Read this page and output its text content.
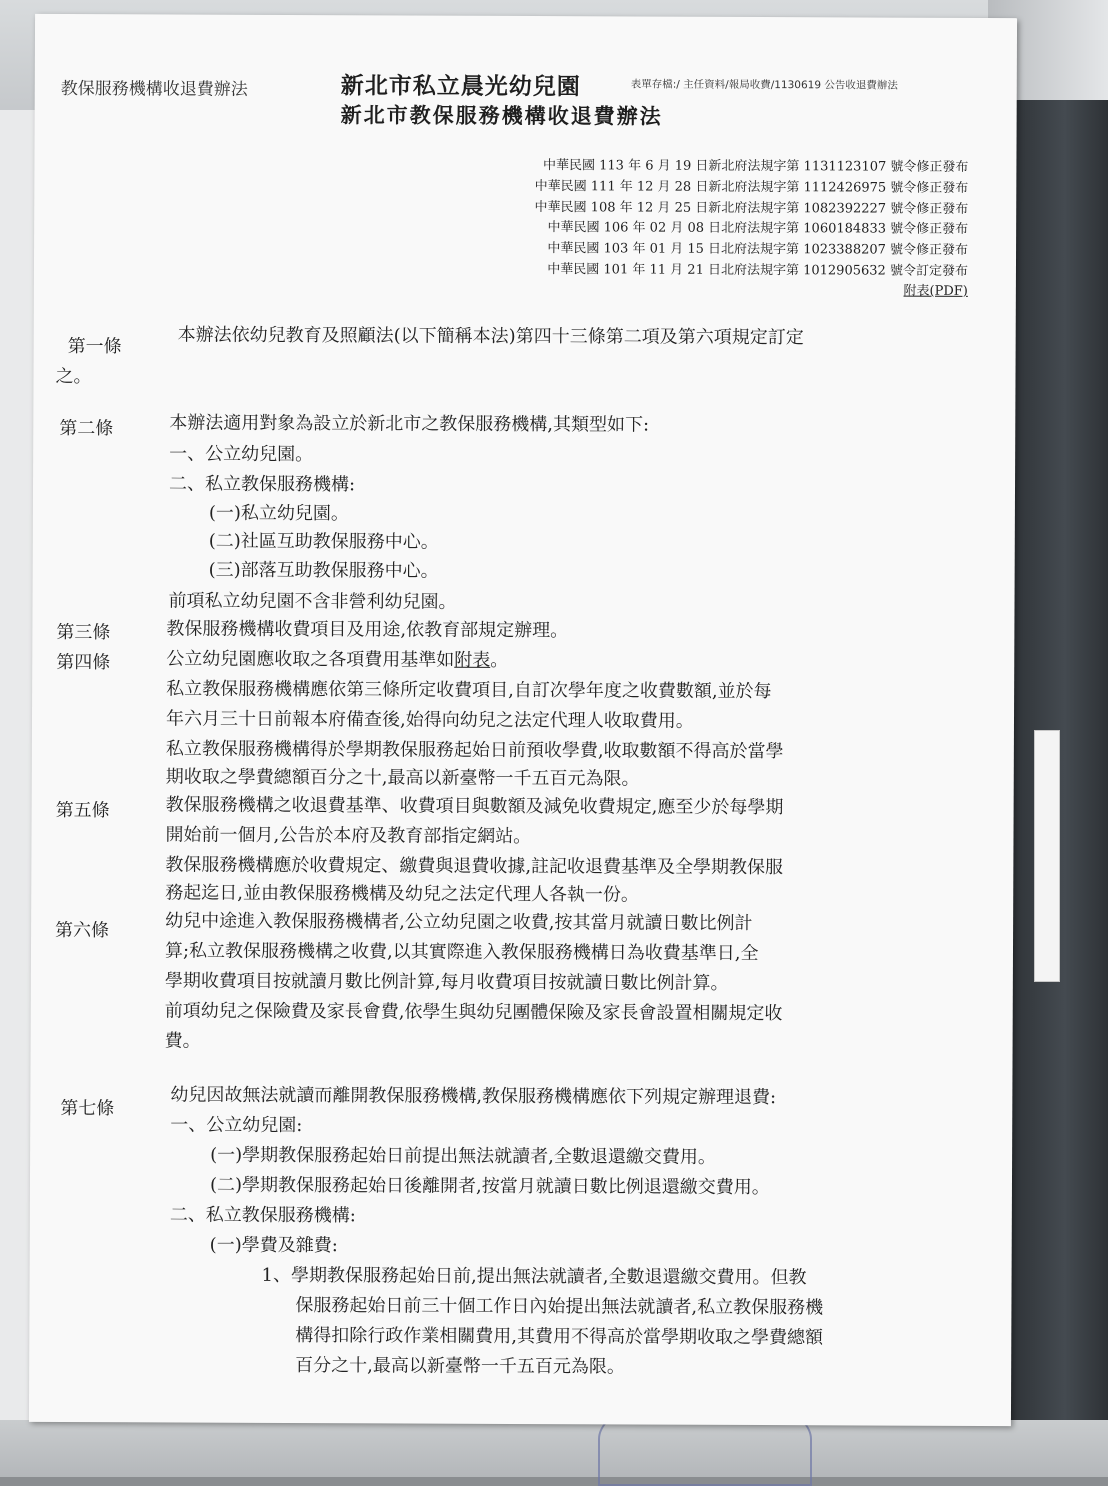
教保服務機構收退費辦法	新北市私立晨光幼兒園
新北市教保服務機構收退費辦法
表單存檔:/ 主任資料/報局收費/1130619 公告收退費辦法
中華民國 113 年 6 月 19 日新北府法規字第 1131123107 號令修正發布
中華民國 111 年 12 月 28 日新北府法規字第 1112426975 號令修正發布
中華民國 108 年 12 月 25 日新北府法規字第 1082392227 號令修正發布
中華民國 106 年 02 月 08 日北府法規字第 1060184833 號令修正發布
中華民國 103 年 01 月 15 日北府法規字第 1023388207 號令修正發布
中華民國 101 年 11 月 21 日北府法規字第 1012905632 號令訂定發布
附表(PDF)
第一條	本辦法依幼兒教育及照顧法(以下簡稱本法)第四十三條第二項及第六項規定訂定
之。
第二條	本辦法適用對象為設立於新北市之教保服務機構,其類型如下:
一、公立幼兒園。
二、私立教保服務機構:
(一)私立幼兒園。
(二)社區互助教保服務中心。
(三)部落互助教保服務中心。
前項私立幼兒園不含非營利幼兒園。
第三條	教保服務機構收費項目及用途,依教育部規定辦理。
第四條	公立幼兒園應收取之各項費用基準如附表。
私立教保服務機構應依第三條所定收費項目,自訂次學年度之收費數額,並於每
年六月三十日前報本府備查後,始得向幼兒之法定代理人收取費用。
私立教保服務機構得於學期教保服務起始日前預收學費,收取數額不得高於當學
期收取之學費總額百分之十,最高以新臺幣一千五百元為限。
第五條	教保服務機構之收退費基準、收費項目與數額及減免收費規定,應至少於每學期
開始前一個月,公告於本府及教育部指定網站。
教保服務機構應於收費規定、繳費與退費收據,註記收退費基準及全學期教保服
務起迄日,並由教保服務機構及幼兒之法定代理人各執一份。
第六條	幼兒中途進入教保服務機構者,公立幼兒園之收費,按其當月就讀日數比例計
算;私立教保服務機構之收費,以其實際進入教保服務機構日為收費基準日,全
學期收費項目按就讀月數比例計算,每月收費項目按就讀日數比例計算。
前項幼兒之保險費及家長會費,依學生與幼兒團體保險及家長會設置相關規定收
費。
第七條
幼兒因故無法就讀而離開教保服務機構,教保服務機構應依下列規定辦理退費:
一、公立幼兒園:
(一)學期教保服務起始日前提出無法就讀者,全數退還繳交費用。
(二)學期教保服務起始日後離開者,按當月就讀日數比例退還繳交費用。
二、私立教保服務機構:
(一)學費及雜費:
1、學期教保服務起始日前,提出無法就讀者,全數退還繳交費用。但教
保服務起始日前三十個工作日內始提出無法就讀者,私立教保服務機
構得扣除行政作業相關費用,其費用不得高於當學期收取之學費總額
百分之十,最高以新臺幣一千五百元為限。
